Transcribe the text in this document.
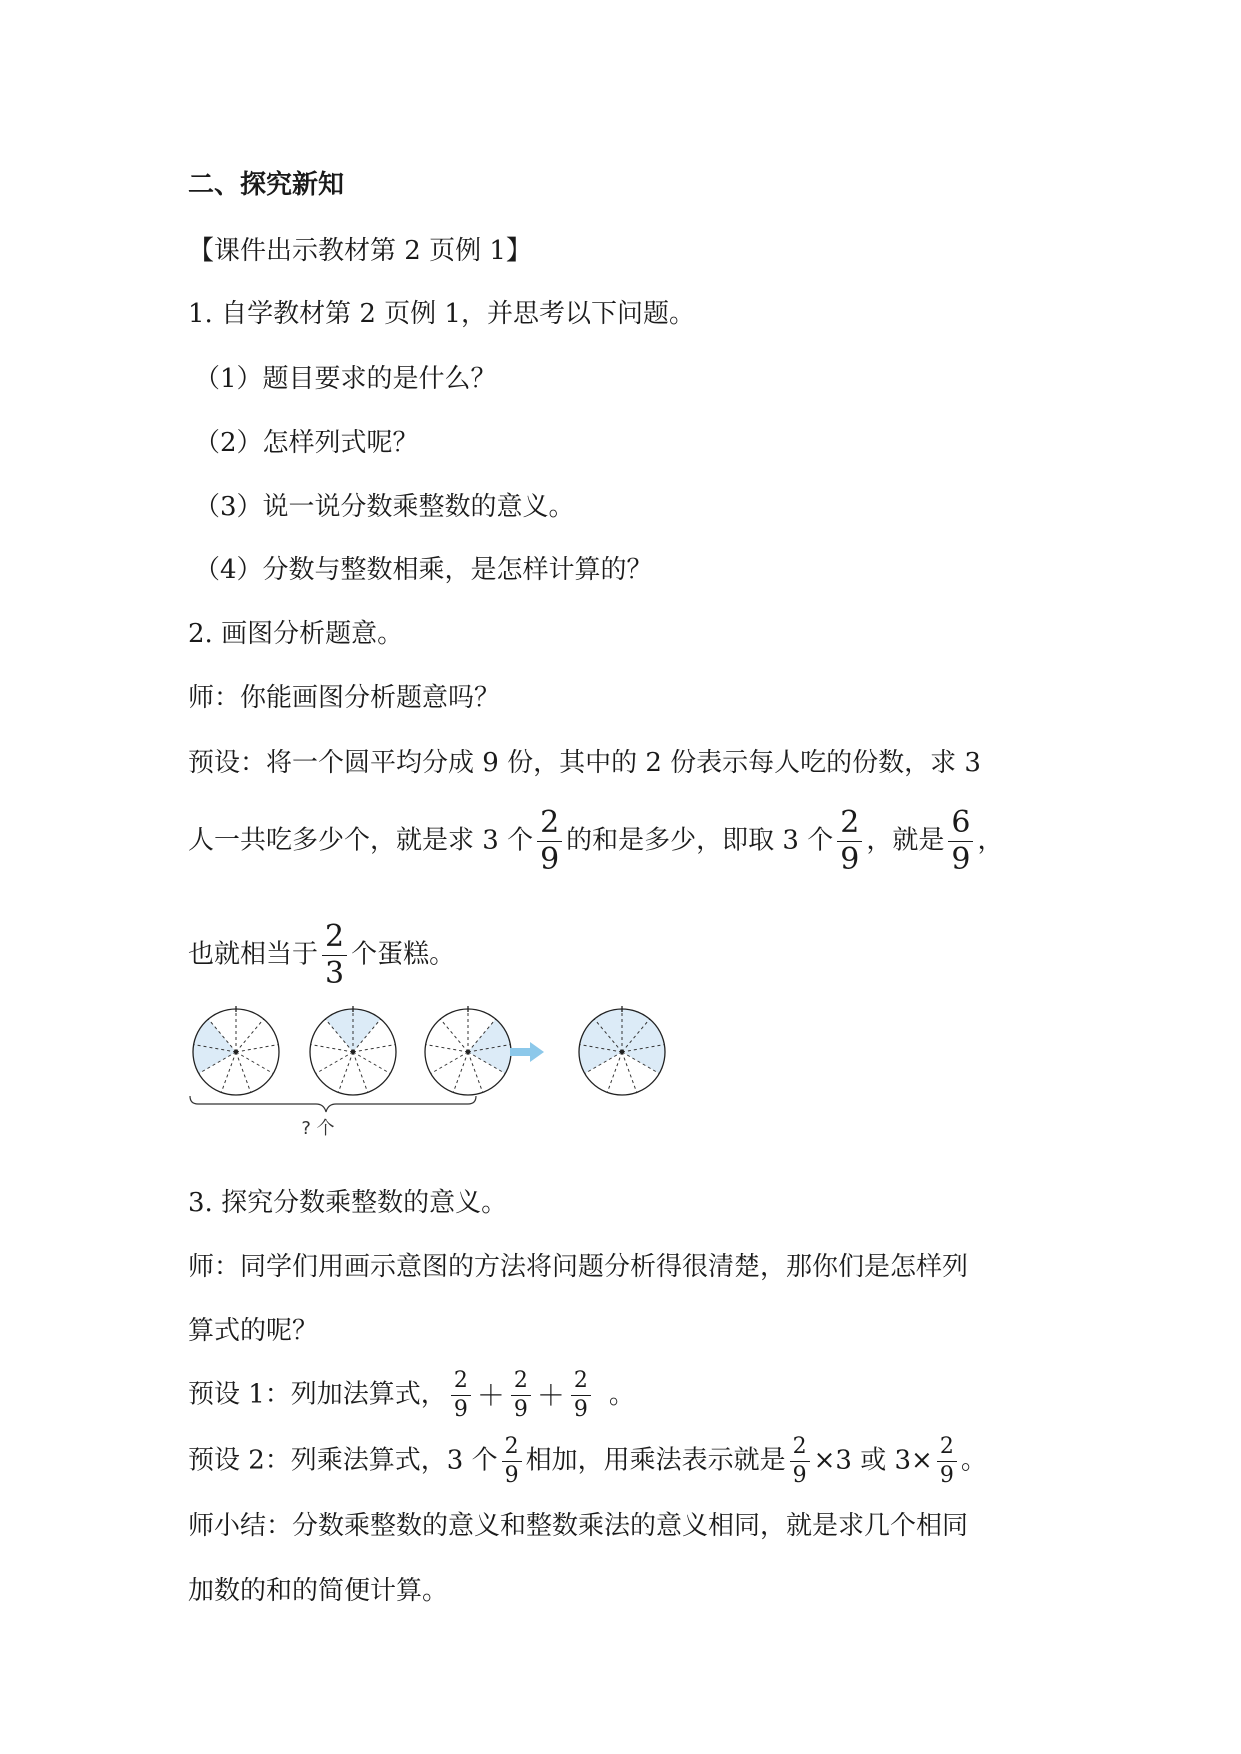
二、探究新知
【课件出示教材第 2 页例 1】
1. 自学教材第 2 页例 1，并思考以下问题。
（1）题目要求的是什么？
（2）怎样列式呢？
（3）说一说分数乘整数的意义。
（4）分数与整数相乘，是怎样计算的？
2. 画图分析题意。
师：你能画图分析题意吗？
预设：将一个圆平均分成 9 份，其中的 2 份表示每人吃的份数，求 3
人一共吃多少个，就是求 3 个 $\frac{2}{9}$ 的和是多少，即取 3 个 $\frac{2}{9}$ ，就是 $\frac{6}{9}$ ，
也就相当于 $\frac{2}{3}$ 个蛋糕。
? 个
3. 探究分数乘整数的意义。
师：同学们用画示意图的方法将问题分析得很清楚，那你们是怎样列
算式的呢？
预设 1：列加法算式， $\frac{2}{9} + \frac{2}{9} + \frac{2}{9}$ 。
预设 2：列乘法算式，3 个 $\frac{2}{9}$ 相加，用乘法表示就是 $\frac{2}{9} \times 3$ 或 $3\times \frac{2}{9}$ 。
师小结：分数乘整数的意义和整数乘法的意义相同，就是求几个相同
加数的和的简便计算。
